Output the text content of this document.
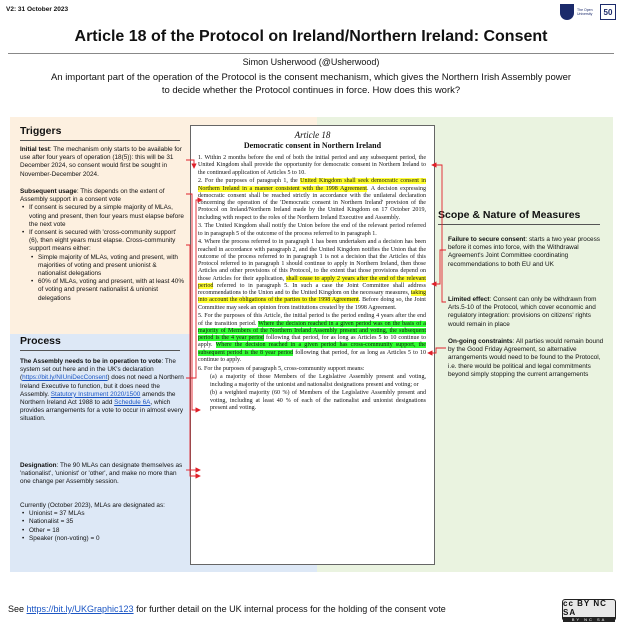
V2: 31 October 2023	The Open University	50
Article 18 of the Protocol on Ireland/Northern Ireland: Consent
Simon Usherwood (@Usherwood)
An important part of the operation of the Protocol is the consent mechanism, which gives the Northern Irish Assembly power to decide whether the Protocol continues in force. How does this work?
Triggers
Initial test: The mechanism only starts to be available for use after four years of operation (18(5)): this will be 31 December 2024, so consent would first be sought in November-December 2024.
Subsequent usage: This depends on the extent of Assembly support in a consent vote
• If consent is secured by a simple majority of MLAs, voting and present, then four years must elapse before the next vote
• If consent is secured with 'cross-community support' (6), then eight years must elapse. Cross-community support means either:
• Simple majority of MLAs, voting and present, with majorities of voting and present unionist & nationalist delegations
• 60% of MLAs, voting and present, with at least 40% of voting and present nationalist & unionist delegations
Process
The Assembly needs to be in operation to vote: The system set out here and in the UK's declaration (https://bit.ly/NIUniDecConsent) does not need a Northern Ireland Executive to function, but it does need the Assembly. Statutory Instrument 2020/1500 amends the Northern Ireland Act 1988 to add Schedule 6A, which provides arrangements for a vote to occur in almost every situation.
Designation: The 90 MLAs can designate themselves as 'nationalist', 'unionist' or 'other', and make no more than one change per Assembly session.
Currently (October 2023), MLAs are designated as:
• Unionist = 37 MLAs
• Nationalist = 35
• Other = 18
• Speaker (non-voting) = 0
Scope & Nature of Measures
Failure to secure consent: starts a two year process before it comes into force, with the Withdrawal Agreement's Joint Committee coordinating recommendations to both EU and UK
Limited effect: Consent can only be withdrawn from Arts.5-10 of the Protocol, which cover economic and regulatory integration: provisions on citizens' rights would remain in place
On-going constraints: All parties would remain bound by the Good Friday Agreement, so alternative arrangements would need to be found to the Protocol, i.e. there would be political and legal commitments beyond simply stopping the current arrangements
Article 18
Democratic consent in Northern Ireland

1. Within 2 months before the end of both the initial period and any subsequent period, the United Kingdom shall provide the opportunity for democratic consent in Northern Ireland to the continued application of Articles 5 to 10.

2. For the purposes of paragraph 1, the United Kingdom shall seek democratic consent in Northern Ireland in a manner consistent with the 1998 Agreement. A decision expressing democratic consent shall be reached strictly in accordance with the unilateral declaration concerning the operation of the 'Democratic consent in Northern Ireland' provision of the Protocol on Ireland/Northern Ireland made by the United Kingdom on 17 October 2019, including with respect to the roles of the Northern Ireland Executive and Assembly.

3. The United Kingdom shall notify the Union before the end of the relevant period referred to in paragraph 5 of the outcome of the process referred to in paragraph 1.

4. Where the process referred to in paragraph 1 has been undertaken and a decision has been reached in accordance with paragraph 2, and the United Kingdom notifies the Union that the outcome of the process referred to in paragraph 1 is not a decision that the Articles of this Protocol referred to in paragraph 1 should continue to apply in Northern Ireland, then those Articles and other provisions of this Protocol, to the extent that those provisions depend on those Articles for their application, shall cease to apply 2 years after the end of the relevant period referred to in paragraph 5. In such a case the Joint Committee shall address recommendations to the Union and to the United Kingdom on the necessary measures, taking into account the obligations of the parties to the 1998 Agreement. Before doing so, the Joint Committee may seek an opinion from institutions created by the 1998 Agreement.

5. For the purposes of this Article, the initial period is the period ending 4 years after the end of the transition period. Where the decision reached in a given period was on the basis of a majority of Members of the Northern Ireland Assembly present and voting, the subsequent period is the 4 year period following that period, for as long as Articles 5 to 10 continue to apply. Where the decision reached in a given period has cross-community support, the subsequent period is the 8 year period following that period, for as long as Articles 5 to 10 continue to apply.

6. For the purposes of paragraph 5, cross-community support means:

(a) a majority of those Members of the Legislative Assembly present and voting, including a majority of the unionist and nationalist designations present and voting; or

(b) a weighted majority (60 %) of Members of the Legislative Assembly present and voting, including at least 40 % of each of the nationalist and unionist designations present and voting.

See https://bit.ly/UKGraphic123 for further detail on the UK internal process for the holding of the consent vote
cc BY NC SA
BY NC SA
